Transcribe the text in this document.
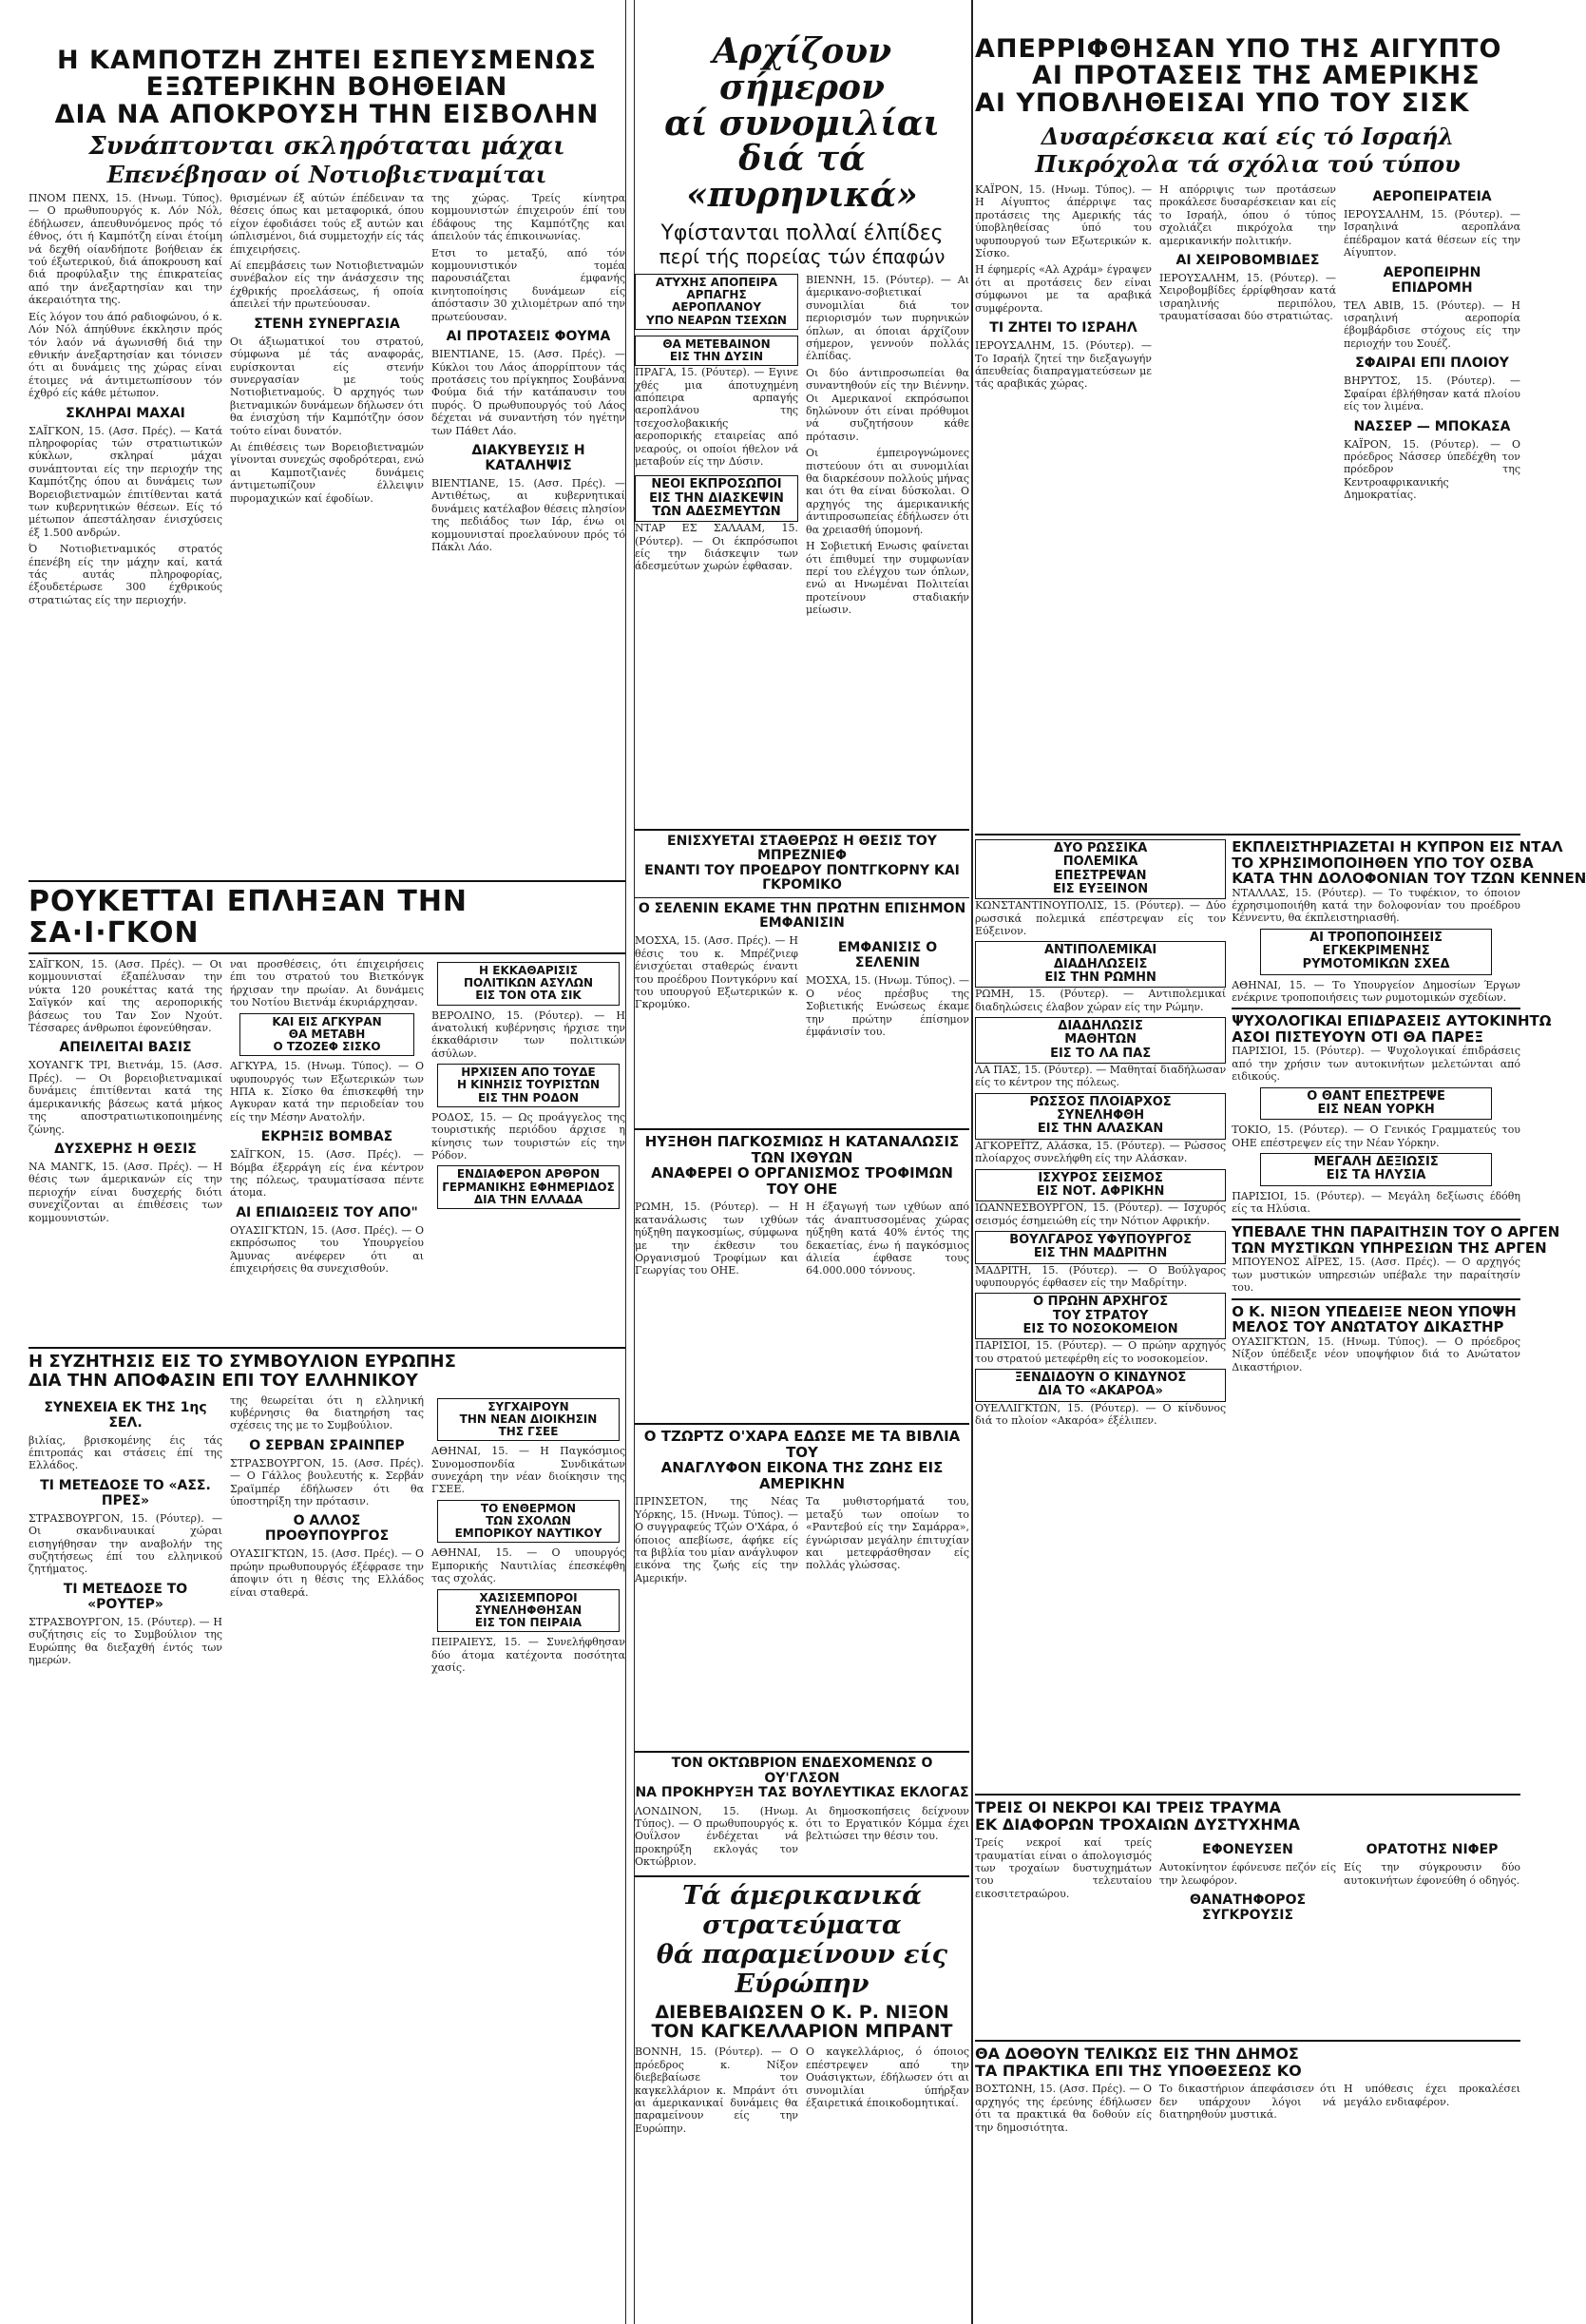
Η ΚΑΜΠΟΤΖΗ ΖΗΤΕΙ ΕΣΠΕΥΣΜΕΝΩΣ
ΕΞΩΤΕΡΙΚΗΝ ΒΟΗΘΕΙΑΝ
ΔΙΑ ΝΑ ΑΠΟΚΡΟΥΣΗ ΤΗΝ ΕΙΣΒΟΛΗΝ
Συνάπτονται σκληρόταται μάχαι
Επενέβησαν οί Νοτιοβιετναμίται

ΠΝΟΜ ΠΕΝΧ, 15. (Ηνωμ. Τύπος). — Ο πρωθυπουργός κ. Λόν Νόλ, έδήλωσεν, άπευθυνόμενος πρός τό έθνος, ότι ή Καμπότζη είναι έτοίμη νά δεχθή οίανδήποτε βοήθειαν έκ τού έξωτερικού, διά άποκρουση καί διά προφύλαξιν της έπικρατείας από την άνεξαρτησίαν και την άκεραιότητα της.

Είς λόγον του άπό ραδιοφώνου, ό κ. Λόν Νόλ άπηύθυνε έκκλησιν πρός τόν λαόν νά άγωνισθή διά την εθνικήν άνεξαρτησίαν και τόνισεν ότι αι δυνάμεις της χώρας είναι έτοιμες νά άντιμετωπίσουν τόν έχθρό είς κάθε μέτωπον.

ΣΚΛΗΡΑΙ ΜΑΧΑΙ

ΣΑΪΓΚΟΝ, 15. (Ασσ. Πρές). — Κατά πληροφορίας τών στρατιωτικών κύκλων, σκληραί μάχαι συνάπτονται είς την περιοχήν της Καμπότζης όπου αι δυνάμεις των Βορειοβιετναμών έπιτίθενται κατά των κυβερνητικών θέσεων. Είς τό μέτωπον άπεστάλησαν ένισχύσεις έξ 1.500 ανδρών.

Ό Νοτιοβιετναμικός στρατός έπενέβη είς την μάχην καί, κατά τάς αυτάς πληροφορίας, έξουδετέρωσε 300 έχθρικούς στρατιώτας είς την περιοχήν.

θρισμένων έξ αύτών έπέδειναν τα θέσεις όπως και μεταφορικά, όπου είχον έφοδιάσει τούς εξ αυτών και ώπλισμένοι, διά συμμετοχήν είς τάς έπιχειρήσεις.

Αί επεμβάσεις των Νοτιοβιετναμών συνέβαλον είς την άνάσχεσιν της έχθρικής προελάσεως, ή οποία άπειλεί τήν πρωτεύουσαν.

ΣΤΕΝΗ ΣΥΝΕΡΓΑΣΙΑ

Οι άξιωματικοί του στρατού, σύμφωνα μέ τάς αναφοράς, ευρίσκονται είς στενήν συνεργασίαν με τούς Νοτιοβιετναμούς. Ό αρχηγός των βιετναμικών δυνάμεων δήλωσεν ότι θα ένισχύση τήν Καμπότζην όσον τούτο είναι δυνατόν.

Αι έπιθέσεις των Βορειοβιετναμών γίνονται συνεχώς σφοδρότεραι, ενώ αι Καμποτζιανές δυνάμεις άντιμετωπίζουν έλλειψιν πυρομαχικών καί έφοδίων.

της χώρας. Τρείς κίνητρα κομμουνιστών έπιχειρούν έπί του έδάφους της Καμπότζης και άπειλούν τάς έπικοινωνίας.

Ετσι το μεταξύ, από τόν κομμουνιστικόν τομέα παρουσιάζεται έμφανής κινητοποίησις δυνάμεων είς άπόστασιν 30 χιλιομέτρων από την πρωτεύουσαν.

ΑΙ ΠΡΟΤΑΣΕΙΣ ΦΟΥΜΑ

ΒΙΕΝΤΙΑΝΕ, 15. (Ασσ. Πρές). — Κύκλοι του Λάος άπορρίπτουν τάς προτάσεις του πρίγκηπος Σουβάννα Φούμα διά τήν κατάπαυσιν του πυρός. Ό πρωθυπουργός τού Λάος δέχεται νά συναντήση τόν ηγέτην των Πάθετ Λάο.

ΔΙΑΚΥΒΕΥΣΙΣ Η ΚΑΤΑΛΗΨΙΣ

ΒΙΕΝΤΙΑΝΕ, 15. (Ασσ. Πρές). — Αντιθέτως, αι κυβερνητικαί δυνάμεις κατέλαβον θέσεις πλησίον της πεδιάδος των Ιάρ, ένω οι κομμουνισταί προελαύνουν πρός τό Πάκλι Λάο.

ΡΟΥΚΕΤΤΑΙ ΕΠΛΗΞΑΝ ΤΗΝ ΣΑ·Ι·ΓΚΟΝ

ΣΑΪΓΚΟΝ, 15. (Ασσ. Πρές). — Οι κομμουνισταί έξαπέλυσαν την νύκτα 120 ρουκέττας κατά της Σαϊγκόν καί της αεροπορικής βάσεως του Ταν Σον Νχούτ. Τέσσαρες άνθρωποι έφονεύθησαν.

ΑΠΕΙΛΕΙΤΑΙ ΒΑΣΙΣ

ΧΟΥΑΝΓΚ ΤΡΙ, Βιετνάμ, 15. (Ασσ. Πρές). — Οι βορειοβιετναμικαί δυνάμεις έπιτίθενται κατά της άμερικανικής βάσεως κατά μήκος της αποστρατιωτικοποιημένης ζώνης.

ΔΥΣΧΕΡΗΣ Η ΘΕΣΙΣ

ΝΑ ΜΑΝΓΚ, 15. (Ασσ. Πρές). — Η θέσις των άμερικανών είς την περιοχήν είναι δυσχερής διότι συνεχίζονται αι έπιθέσεις των κομμουνιστών.

ναι προσθέσεις, ότι έπιχειρήσεις έπι του στρατού του Βιετκόνγκ ήρχισαν την πρωίαν. Αι δυνάμεις του Νοτίου Βιετνάμ έκυριάρχησαν.

ΚΑΙ ΕΙΣ ΑΓΚΥΡΑΝ
ΘΑ ΜΕΤΑΒΗ
Ο ΤΖΟΖΕΦ ΣΙΣΚΟ

ΑΓΚΥΡΑ, 15. (Ηνωμ. Τύπος). — Ο υφυπουργός των Εξωτερικών των ΗΠΑ κ. Σίσκο θα έπισκεφθή την Αγκυραν κατά την περιοδείαν του είς την Μέσην Ανατολήν.

ΕΚΡΗΞΙΣ ΒΟΜΒΑΣ

ΣΑΪΓΚΟΝ, 15. (Ασσ. Πρές). — Βόμβα έξερράγη είς ένα κέντρον της πόλεως, τραυματίσασα πέντε άτομα.

ΑΙ ΕΠΙΔΙΩΞΕΙΣ ΤΟΥ ΑΠΟ"

ΟΥΑΣΙΓΚΤΩΝ, 15. (Ασσ. Πρές). — Ο εκπρόσωπος του Υπουργείου Άμυνας ανέφερεν ότι αι έπιχειρήσεις θα συνεχισθούν.

Η ΕΚΚΑΘΑΡΙΣΙΣ
ΠΟΛΙΤΙΚΩΝ ΑΣΥΛΩΝ
ΕΙΣ ΤΟΝ ΟΤΑ ΣΙΚ

ΒΕΡΟΛΙΝΟ, 15. (Ρόυτερ). — Η άνατολική κυβέρνησις ήρχισε την έκκαθάρισιν των πολιτικών άσύλων.

ΗΡΧΙΣΕΝ ΑΠΟ ΤΟΥΔΕ
Η ΚΙΝΗΣΙΣ ΤΟΥΡΙΣΤΩΝ
ΕΙΣ ΤΗΝ ΡΟΔΟΝ

ΡΟΔΟΣ, 15. — Ως προάγγελος της τουριστικής περιόδου άρχισε η κίνησις των τουριστών είς την Ρόδον.

ΕΝΔΙΑΦΕΡΟΝ ΑΡΘΡΟΝ
ΓΕΡΜΑΝΙΚΗΣ ΕΦΗΜΕΡΙΔΟΣ
ΔΙΑ ΤΗΝ ΕΛΛΑΔΑ
Η ΣΥΖΗΤΗΣΙΣ ΕΙΣ ΤΟ ΣΥΜΒΟΥΛΙΟΝ ΕΥΡΩΠΗΣ
ΔΙΑ ΤΗΝ ΑΠΟΦΑΣΙΝ ΕΠΙ ΤΟΥ ΕΛΛΗΝΙΚΟΥ

ΣΥΝΕΧΕΙΑ ΕΚ ΤΗΣ 1ης ΣΕΛ.

βιλίας, βρισκομένης έις τάς έπιτροπάς και στάσεις έπί της Ελλάδος.

ΤΙ ΜΕΤΕΔΟΣΕ ΤΟ «ΑΣΣ. ΠΡΕΣ»

ΣΤΡΑΣΒΟΥΡΓΟΝ, 15. (Ρόυτερ). — Οι σκανδιναυικαί χώραι εισηγήθησαν την αναβολήν της συζητήσεως έπί του ελληνικού ζητήματος.

ΤΙ ΜΕΤΕΔΟΣΕ ΤΟ «ΡΟΥΤΕΡ»

ΣΤΡΑΣΒΟΥΡΓΟΝ, 15. (Ρόυτερ). — Η συζήτησις είς το Συμβούλιον της Ευρώπης θα διεξαχθή έντός των ημερών.

της θεωρείται ότι η ελληνική κυβέρνησις θα διατηρήση τας σχέσεις της με το Συμβούλιον.

Ο ΣΕΡΒΑΝ ΣΡΑΙΝΠΕΡ

ΣΤΡΑΣΒΟΥΡΓΟΝ, 15. (Ασσ. Πρές). — Ο Γάλλος βουλευτής κ. Σερβάν Σραϊμπέρ έδήλωσεν ότι θα ύποστηρίξη την πρότασιν.

Ο ΑΛΛΟΣ ΠΡΟΘΥΠΟΥΡΓΟΣ

ΟΥΑΣΙΓΚΤΩΝ, 15. (Ασσ. Πρές). — Ο πρώην πρωθυπουργός έξέφρασε την άποψιν ότι η θέσις της Ελλάδος είναι σταθερά.

ΣΥΓΧΑΙΡΟΥΝ
ΤΗΝ ΝΕΑΝ ΔΙΟΙΚΗΣΙΝ
ΤΗΣ ΓΣΕΕ

ΑΘΗΝΑΙ, 15. — Η Παγκόσμιος Συνομοσπονδία Συνδικάτων συνεχάρη την νέαν διοίκησιν της ΓΣΕΕ.

ΤΟ ΕΝΘΕΡΜΟΝ
ΤΩΝ ΣΧΟΛΩΝ
ΕΜΠΟΡΙΚΟΥ ΝΑΥΤΙΚΟΥ

ΑΘΗΝΑΙ, 15. — Ο υπουργός Εμπορικής Ναυτιλίας έπεσκέφθη τας σχολάς.

ΧΑΣΙΣΕΜΠΟΡΟΙ
ΣΥΝΕΛΗΦΘΗΣΑΝ
ΕΙΣ ΤΟΝ ΠΕΙΡΑΙΑ

ΠΕΙΡΑΙΕΥΣ, 15. — Συνελήφθησαν δύο άτομα κατέχοντα ποσότητα χασίς.

Αρχίζουν σήμερον
αί συνομιλίαι
διά τά «πυρηνικά»
Υφίστανται πολλαί έλπίδες
περί τής πορείας τών έπαφών
ΑΤΥΧΗΣ ΑΠΟΠΕΙΡΑ
ΑΡΠΑΓΗΣ
ΑΕΡΟΠΛΑΝΟΥ
ΥΠΟ ΝΕΑΡΩΝ ΤΣΕΧΩΝ
ΘΑ ΜΕΤΕΒΑΙΝΟΝ
ΕΙΣ ΤΗΝ ΔΥΣΙΝ

ΠΡΑΓΑ, 15. (Ρόυτερ). — Εγινε χθές μια άποτυχημένη απόπειρα αρπαγής αεροπλάνου της τσεχοσλοβακικής αεροπορικής εταιρείας από νεαρούς, οι οποίοι ήθελον νά μεταβούν είς την Δύσιν.

ΝΕΟΙ ΕΚΠΡΟΣΩΠΟΙ
ΕΙΣ ΤΗΝ ΔΙΑΣΚΕΨΙΝ
ΤΩΝ ΑΔΕΣΜΕΥΤΩΝ

ΝΤΑΡ ΕΣ ΣΑΛΑΑΜ, 15. (Ρόυτερ). — Οι έκπρόσωποι είς την διάσκεψιν των άδεσμεύτων χωρών έφθασαν.

ΒΙΕΝΝΗ, 15. (Ρόυτερ). — Αι άμερικανο-σοβιετικαί συνομιλίαι διά τον περιορισμόν των πυρηνικών όπλων, αι όποιαι άρχίζουν σήμερον, γεννούν πολλάς έλπίδας.

Οι δύο άντιπροσωπείαι θα συναντηθούν είς την Βιέννην. Οι Αμερικανοί εκπρόσωποι δηλώνουν ότι είναι πρόθυμοι νά συζητήσουν κάθε πρότασιν.

Οι έμπειρογνώμονες πιστεύουν ότι αι συνομιλίαι θα διαρκέσουν πολλούς μήνας και ότι θα είναι δύσκολαι. Ο αρχηγός της άμερικανικής άντιπροσωπείας έδήλωσεν ότι θα χρειασθή ύπομονή.

Η Σοβιετική Ενωσις φαίνεται ότι έπιθυμεί την συμφωνίαν περί του ελέγχου των όπλων, ενώ αι Ηνωμέναι Πολιτείαι προτείνουν σταδιακήν μείωσιν.

ΕΝΙΣΧΥΕΤΑΙ ΣΤΑΘΕΡΩΣ Η ΘΕΣΙΣ ΤΟΥ ΜΠΡΕΖΝΙΕΦ
ΕΝΑΝΤΙ ΤΟΥ ΠΡΟΕΔΡΟΥ ΠΟΝΤΓΚΟΡΝΥ ΚΑΙ ΓΚΡΟΜΙΚΟ
Ο ΣΕΛΕΝΙΝ ΕΚΑΜΕ ΤΗΝ ΠΡΩΤΗΝ ΕΠΙΣΗΜΟΝ ΕΜΦΑΝΙΣΙΝ

ΜΟΣΧΑ, 15. (Ασσ. Πρές). — Η θέσις του κ. Μπρέζνιεφ ένισχύεται σταθερώς έναντι του προέδρου Ποντγκόρνυ καί του υπουργού Εξωτερικών κ. Γκρομύκο.

ΕΜΦΑΝΙΣΙΣ Ο ΣΕΛΕΝΙΝ

ΜΟΣΧΑ, 15. (Ηνωμ. Τύπος). — Ο νέος πρέσβυς της Σοβιετικής Ενώσεως έκαμε την πρώτην έπίσημον έμφάνισίν του.

ΗΥΞΗΘΗ ΠΑΓΚΟΣΜΙΩΣ Η ΚΑΤΑΝΑΛΩΣΙΣ ΤΩΝ ΙΧΘΥΩΝ
ΑΝΑΦΕΡΕΙ Ο ΟΡΓΑΝΙΣΜΟΣ ΤΡΟΦΙΜΩΝ ΤΟΥ ΟΗΕ

ΡΩΜΗ, 15. (Ρόυτερ). — Η κατανάλωσις των ιχθύων ηύξηθη παγκοσμίως, σύμφωνα με την έκθεσιν του Οργανισμού Τροφίμων και Γεωργίας του ΟΗΕ.

Η έξαγωγή των ιχθύων από τάς άναπτυσσομένας χώρας ηύξηθη κατά 40% έντός της δεκαετίας, ένω ή παγκόσμιος άλιεία έφθασε τους 64.000.000 τόννους.

Ο ΤΖΩΡΤΖ Ο'ΧΑΡΑ ΕΔΩΣΕ ΜΕ ΤΑ ΒΙΒΛΙΑ ΤΟΥ
ΑΝΑΓΛΥΦΟΝ ΕΙΚΟΝΑ ΤΗΣ ΖΩΗΣ ΕΙΣ ΑΜΕΡΙΚΗΝ

ΠΡΙΝΣΕΤΟΝ, της Νέας Υόρκης, 15. (Ηνωμ. Τύπος). — Ο συγγραφεύς Τζών Ο'Χάρα, ό όποιος απεβίωσε, άφήκε είς τα βιβλία του μίαν ανάγλυφον εικόνα της ζωής είς την Αμερικήν.

Τα μυθιστορήματά του, μεταξύ των οποίων το «Ραντεβού είς την Σαμάρρα», έγνώρισαν μεγάλην έπιτυχίαν και μετεφράσθησαν είς πολλάς γλώσσας.

ΤΟΝ ΟΚΤΩΒΡΙΟΝ ΕΝΔΕΧΟΜΕΝΩΣ Ο ΟΥ'ΓΛΣΟΝ
ΝΑ ΠΡΟΚΗΡΥΞΗ ΤΑΣ ΒΟΥΛΕΥΤΙΚΑΣ ΕΚΛΟΓΑΣ

ΛΟΝΔΙΝΟΝ, 15. (Ηνωμ. Τύπος). — Ο πρωθυπουργός κ. Ουΐλσον ένδέχεται νά προκηρύξη εκλογάς τον Οκτώβριον.

Αι δημοσκοπήσεις δείχνουν ότι το Εργατικόν Κόμμα έχει βελτιώσει την θέσιν του.

Τά άμερικανικά στρατεύματα
θά παραμείνουν είς Εύρώπην
ΔΙΕΒΕΒΑΙΩΣΕΝ Ο Κ. Ρ. ΝΙΞΟΝ
ΤΟΝ ΚΑΓΚΕΛΛΑΡΙΟΝ ΜΠΡΑΝΤ

ΒΟΝΝΗ, 15. (Ρόυτερ). — Ο πρόεδρος κ. Νίξον διεβεβαίωσε τον καγκελλάριον κ. Μπράντ ότι αι άμερικανικαί δυνάμεις θα παραμείνουν είς την Ευρώπην.

Ο καγκελλάριος, ό όποιος επέστρεψεν από την Ουάσιγκτων, έδήλωσεν ότι αι συνομιλίαι ύπήρξαν έξαιρετικά έποικοδομητικαί.

ΑΠΕΡΡΙΦΘΗΣΑΝ ΥΠΟ ΤΗΣ ΑΙΓΥΠΤΟ
ΑΙ ΠΡΟΤΑΣΕΙΣ ΤΗΣ ΑΜΕΡΙΚΗΣ
ΑΙ ΥΠΟΒΛΗΘΕΙΣΑΙ ΥΠΟ ΤΟΥ ΣΙΣΚ
Δυσαρέσκεια καί είς τό Ισραήλ
Πικρόχολα τά σχόλια τού τύπου

ΚΑΪΡΟΝ, 15. (Ηνωμ. Τύπος). — Η Αίγυπτος άπέρριψε τας προτάσεις της Αμερικής τάς ύποβληθείσας ύπό του υφυπουργού των Εξωτερικών κ. Σίσκο.

Η έφημερίς «Αλ Αχράμ» έγραψεν ότι αι προτάσεις δεν είναι σύμφωνοι με τα αραβικά συμφέροντα.

ΤΙ ΖΗΤΕΙ ΤΟ ΙΣΡΑΗΛ

ΙΕΡΟΥΣΑΛΗΜ, 15. (Ρόυτερ). — Το Ισραήλ ζητεί την διεξαγωγήν άπευθείας διαπραγματεύσεων με τάς αραβικάς χώρας.

Η απόρριψις των προτάσεων προκάλεσε δυσαρέσκειαν και είς το Ισραήλ, όπου ό τύπος σχολιάζει πικρόχολα την αμερικανικήν πολιτικήν.

ΑΙ ΧΕΙΡΟΒΟΜΒΙΔΕΣ

ΙΕΡΟΥΣΑΛΗΜ, 15. (Ρόυτερ). — Χειροβομβίδες έρρίφθησαν κατά ισραηλινής περιπόλου, τραυματίσασαι δύο στρατιώτας.

ΑΕΡΟΠΕΙΡΑΤΕΙΑ

ΙΕΡΟΥΣΑΛΗΜ, 15. (Ρόυτερ). — Ισραηλινά αεροπλάνα έπέδραμον κατά θέσεων είς την Αίγυπτον.

ΑΕΡΟΠΕΙΡΗΝ ΕΠΙΔΡΟΜΗ

ΤΕΛ ΑΒΙΒ, 15. (Ρόυτερ). — Η ισραηλινή αεροπορία έβομβάρδισε στόχους είς την περιοχήν του Σουέζ.

ΣΦΑΙΡΑΙ ΕΠΙ ΠΛΟΙΟΥ

ΒΗΡΥΤΟΣ, 15. (Ρόυτερ). — Σφαίραι έβλήθησαν κατά πλοίου είς τον λιμένα.

ΝΑΣΣΕΡ — ΜΠΟΚΑΣΑ

ΚΑΪΡΟΝ, 15. (Ρόυτερ). — Ο πρόεδρος Νάσσερ ύπεδέχθη τον πρόεδρον της Κεντροαφρικανικής Δημοκρατίας.

ΔΥΟ ΡΩΣΣΙΚΑ
ΠΟΛΕΜΙΚΑ
ΕΠΕΣΤΡΕΨΑΝ
ΕΙΣ ΕΥΞΕΙΝΟΝ

ΚΩΝΣΤΑΝΤΙΝΟΥΠΟΛΙΣ, 15. (Ρόυτερ). — Δύο ρωσσικά πολεμικά επέστρεψαν είς τον Εύξεινον.

ΑΝΤΙΠΟΛΕΜΙΚΑΙ
ΔΙΑΔΗΛΩΣΕΙΣ
ΕΙΣ ΤΗΝ ΡΩΜΗΝ

ΡΩΜΗ, 15. (Ρόυτερ). — Αντιπολεμικαί διαδηλώσεις έλαβον χώραν είς την Ρώμην.

ΔΙΑΔΗΛΩΣΙΣ
ΜΑΘΗΤΩΝ
ΕΙΣ ΤΟ ΛΑ ΠΑΣ

ΛΑ ΠΑΣ, 15. (Ρόυτερ). — Μαθηταί διαδήλωσαν είς το κέντρον της πόλεως.

ΡΩΣΣΟΣ ΠΛΟΙΑΡΧΟΣ
ΣΥΝΕΛΗΦΘΗ
ΕΙΣ ΤΗΝ ΑΛΑΣΚΑΝ

ΑΓΚΟΡΕΪΤΖ, Αλάσκα, 15. (Ρόυτερ). — Ρώσσος πλοίαρχος συνελήφθη είς την Αλάσκαν.

ΙΣΧΥΡΟΣ ΣΕΙΣΜΟΣ
ΕΙΣ ΝΟΤ. ΑΦΡΙΚΗΝ

ΙΩΑΝΝΕΣΒΟΥΡΓΟΝ, 15. (Ρόυτερ). — Ισχυρός σεισμός έσημειώθη είς την Νότιον Αφρικήν.

ΒΟΥΛΓΑΡΟΣ ΥΦΥΠΟΥΡΓΟΣ
ΕΙΣ ΤΗΝ ΜΑΔΡΙΤΗΝ

ΜΑΔΡΙΤΗ, 15. (Ρόυτερ). — Ο Βούλγαρος υφυπουργός έφθασεν είς την Μαδρίτην.

Ο ΠΡΩΗΝ ΑΡΧΗΓΟΣ
ΤΟΥ ΣΤΡΑΤΟΥ
ΕΙΣ ΤΟ ΝΟΣΟΚΟΜΕΙΟΝ

ΠΑΡΙΣΙΟΙ, 15. (Ρόυτερ). — Ο πρώην αρχηγός του στρατού μετεφέρθη είς το νοσοκομείον.

ΞΕΝΔΙΔΟΥΝ Ο ΚΙΝΔΥΝΟΣ
ΔΙΑ ΤΟ «ΑΚΑΡΟΑ»

ΟΥΕΛΛΙΓΚΤΩΝ, 15. (Ρόυτερ). — Ο κίνδυνος διά το πλοίον «Ακαρόα» έξέλιπεν.

ΕΚΠΛΕΙΣΤΗΡΙΑΖΕΤΑΙ Η ΚΥΠΡΟΝ ΕΙΣ ΝΤΑΛ
ΤΟ ΧΡΗΣΙΜΟΠΟΙΗΘΕΝ ΥΠΟ ΤΟΥ ΟΣΒΑ
ΚΑΤΑ ΤΗΝ ΔΟΛΟΦΟΝΙΑΝ ΤΟΥ ΤΖΩΝ ΚΕΝΝΕΝ

ΝΤΑΛΛΑΣ, 15. (Ρόυτερ). — Το τυφέκιον, το όποιον έχρησιμοποιήθη κατά την δολοφονίαν του προέδρου Κέννεντυ, θα έκπλειστηριασθή.

ΑΙ ΤΡΟΠΟΠΟΙΗΣΕΙΣ
ΕΓΚΕΚΡΙΜΕΝΗΣ
ΡΥΜΟΤΟΜΙΚΩΝ ΣΧΕΔ

ΑΘΗΝΑΙ, 15. — Το Υπουργείον Δημοσίων Έργων ενέκρινε τροποποιήσεις των ρυμοτομικών σχεδίων.

ΨΥΧΟΛΟΓΙΚΑΙ ΕΠΙΔΡΑΣΕΙΣ ΑΥΤΟΚΙΝΗΤΩ
ΑΣΟΙ ΠΙΣΤΕΥΟΥΝ ΟΤΙ ΘΑ ΠΑΡΕΞ

ΠΑΡΙΣΙΟΙ, 15. (Ρόυτερ). — Ψυχολογικαί έπιδράσεις από την χρήσιν των αυτοκινήτων μελετώνται από ειδικούς.

Ο ΘΑΝΤ ΕΠΕΣΤΡΕΨΕ
ΕΙΣ ΝΕΑΝ ΥΟΡΚΗ

ΤΟΚΙΟ, 15. (Ρόυτερ). — Ο Γενικός Γραμματεύς του ΟΗΕ επέστρεψεν είς την Νέαν Υόρκην.

ΜΕΓΑΛΗ ΔΕΞΙΩΣΙΣ
ΕΙΣ ΤΑ ΗΛΥΣΙΑ

ΠΑΡΙΣΙΟΙ, 15. (Ρόυτερ). — Μεγάλη δεξίωσις έδόθη είς τα Ηλύσια.

ΥΠΕΒΑΛΕ ΤΗΝ ΠΑΡΑΙΤΗΣΙΝ ΤΟΥ Ο ΑΡΓΕΝ
ΤΩΝ ΜΥΣΤΙΚΩΝ ΥΠΗΡΕΣΙΩΝ ΤΗΣ ΑΡΓΕΝ

ΜΠΟΥΕΝΟΣ ΑΪΡΕΣ, 15. (Ασσ. Πρές). — Ο αρχηγός των μυστικών υπηρεσιών υπέβαλε την παραίτησίν του.

Ο Κ. ΝΙΞΟΝ ΥΠΕΔΕΙΞΕ ΝΕΟΝ ΥΠΟΨΗ
ΜΕΛΟΣ ΤΟΥ ΑΝΩΤΑΤΟΥ ΔΙΚΑΣΤΗΡ

ΟΥΑΣΙΓΚΤΩΝ, 15. (Ηνωμ. Τύπος). — Ο πρόεδρος Νίξον ύπέδειξε νέον υποψήφιον διά το Ανώτατον Δικαστήριον.

ΤΡΕΙΣ ΟΙ ΝΕΚΡΟΙ ΚΑΙ ΤΡΕΙΣ ΤΡΑΥΜΑ
ΕΚ ΔΙΑΦΟΡΩΝ ΤΡΟΧΑΙΩΝ ΔΥΣΤΥΧΗΜΑ

Τρείς νεκροί καί τρείς τραυματίαι είναι ο άπολογισμός των τροχαίων δυστυχημάτων του τελευταίου εικοσιτετραώρου.

ΕΦΟΝΕΥΣΕΝ

Αυτοκίνητον έφόνευσε πεζόν είς την λεωφόρον.

ΘΑΝΑΤΗΦΟΡΟΣ ΣΥΓΚΡΟΥΣΙΣ

ΟΡΑΤΟΤΗΣ ΝΙΦΕΡ

Είς την σύγκρουσιν δύο αυτοκινήτων έφονεύθη ό οδηγός.

ΘΑ ΔΟΘΟΥΝ ΤΕΛΙΚΩΣ ΕΙΣ ΤΗΝ ΔΗΜΟΣ
ΤΑ ΠΡΑΚΤΙΚΑ ΕΠΙ ΤΗΣ ΥΠΟΘΕΣΕΩΣ ΚΟ

ΒΟΣΤΩΝΗ, 15. (Ασσ. Πρές). — Ο αρχηγός της έρεύνης έδήλωσεν ότι τα πρακτικά θα δοθούν είς την δημοσιότητα.

Το δικαστήριον άπεφάσισεν ότι δεν υπάρχουν λόγοι νά διατηρηθούν μυστικά.

Η υπόθεσις έχει προκαλέσει μεγάλο ενδιαφέρον.
